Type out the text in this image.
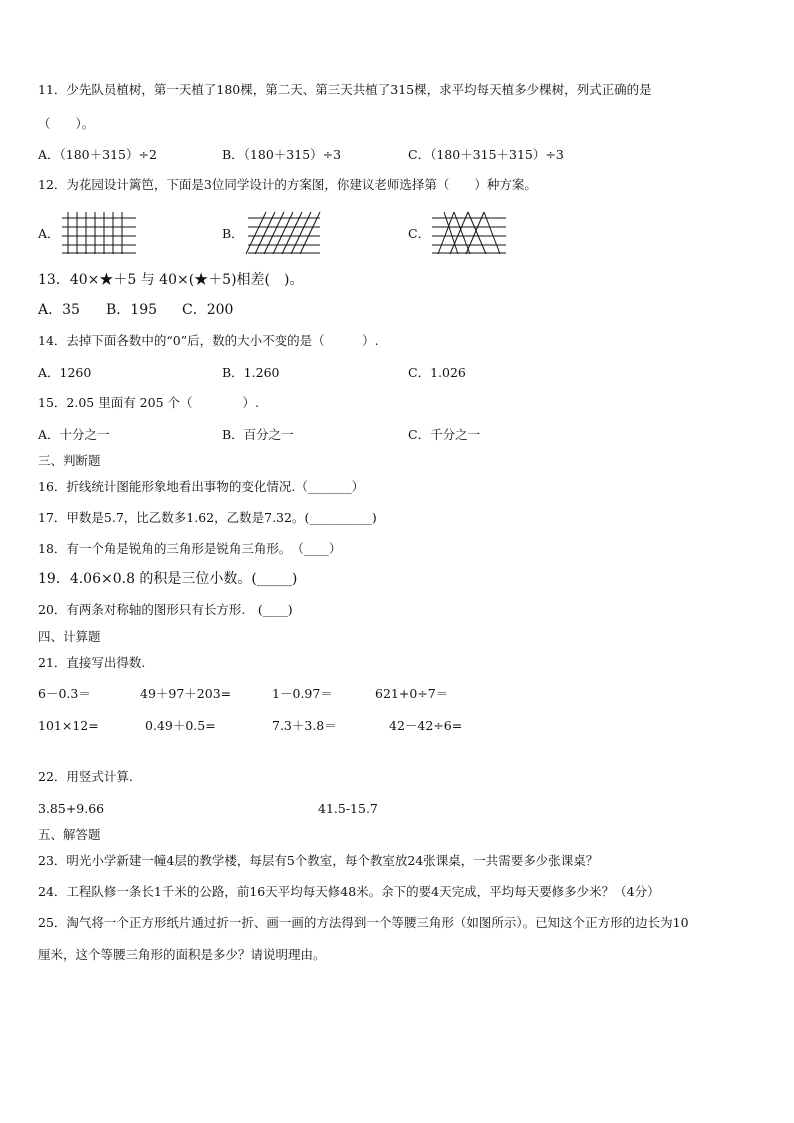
11．少先队员植树，第一天植了180棵，第二天、第三天共植了315棵，求平均每天植多少棵树，列式正确的是
（　　）。
A．（180＋315）÷2	B．（180＋315）÷3	C．（180＋315＋315）÷3
12．为花园设计篱笆，下面是3位同学设计的方案图，你建议老师选择第（　　）种方案。
A．	B．	C．
13．40×★＋5 与 40×(★＋5)相差(　)。
A．35 B．195 C．200
14．去掉下面各数中的“0”后，数的大小不变的是（　　　）.
A．1260	B．1.260	C．1.026
15．2.05 里面有 205 个（　　　　）.
A．十分之一	B．百分之一	C．千分之一
三、判断题
16．折线统计图能形象地看出事物的变化情况.（_______）
17．甲数是5.7，比乙数多1.62，乙数是7.32。(__________)
18．有一个角是锐角的三角形是锐角三角形。　（____）
19．4.06×0.8 的积是三位小数。(_____)
20．有两条对称轴的图形只有长方形.　(____)
四、计算题
21．直接写出得数.
6－0.3＝	49＋97＋203=	1－0.97＝	621+0÷7＝
101×12=	0.49＋0.5=	7.3＋3.8＝	42－42÷6=
22．用竖式计算.
3.85+9.66	41.5-15.7
五、解答题
23．明光小学新建一幢4层的教学楼，每层有5个教室，每个教室放24张课桌，一共需要多少张课桌？
24．工程队修一条长1千米的公路，前16天平均每天修48米。余下的要4天完成，平均每天要修多少米？（4分）
25．淘气将一个正方形纸片通过折一折、画一画的方法得到一个等腰三角形（如图所示）。已知这个正方形的边长为10
厘米，这个等腰三角形的面积是多少？请说明理由。
